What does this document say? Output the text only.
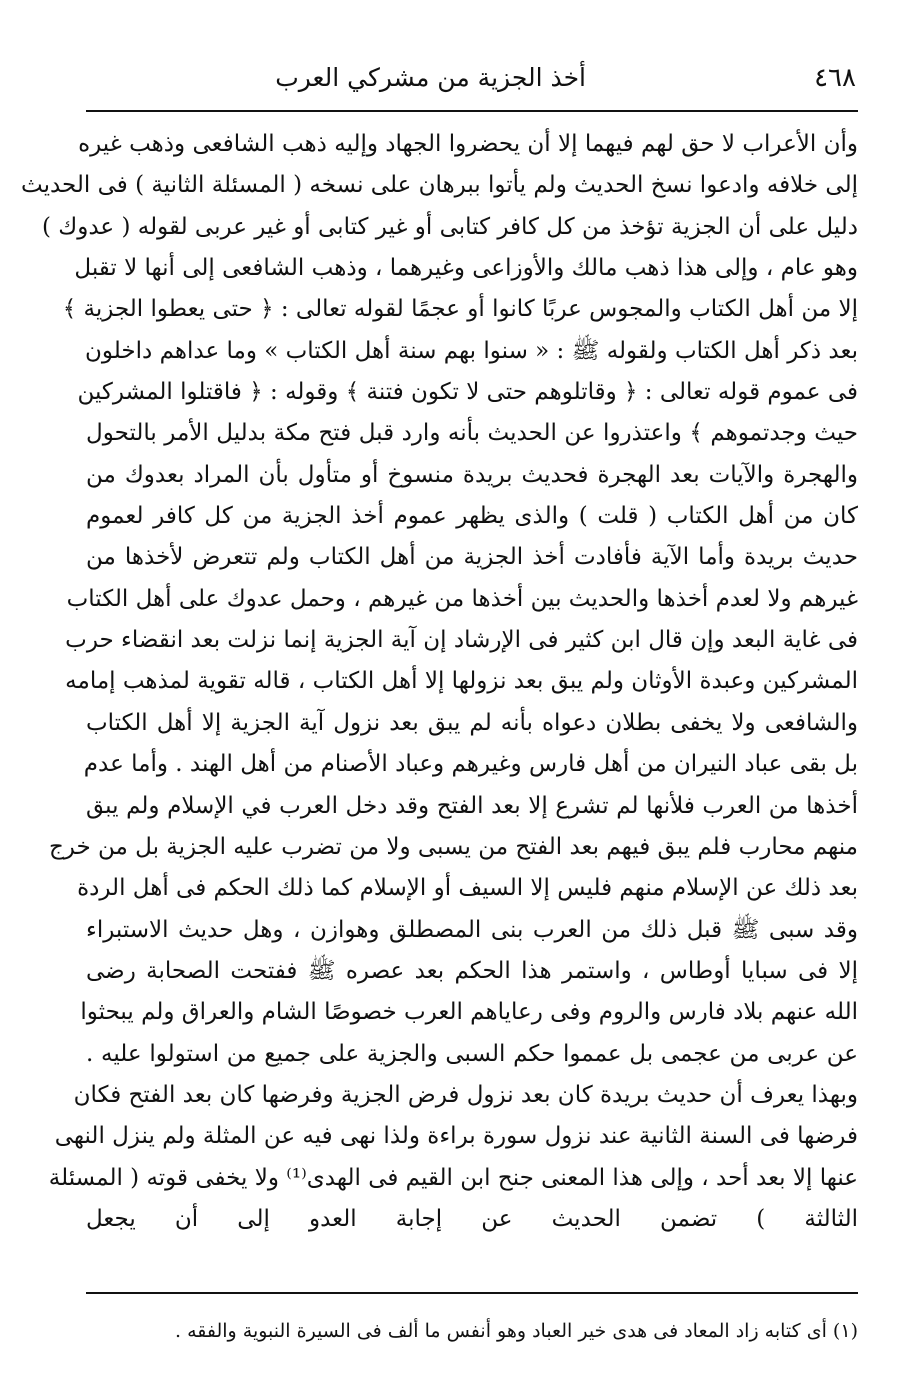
٤٦٨
أخذ الجزية من مشركي العرب
وأن الأعراب لا حق لهم فيهما إلا أن يحضروا الجهاد وإليه ذهب الشافعى وذهب غيره
إلى خلافه وادعوا نسخ الحديث ولم يأتوا ببرهان على نسخه ( المسئلة الثانية ) فى الحديث
دليل على أن الجزية تؤخذ من كل كافر كتابى أو غير كتابى أو غير عربى لقوله ( عدوك )
وهو عام ، وإلى هذا ذهب مالك والأوزاعى وغيرهما ، وذهب الشافعى إلى أنها لا تقبل
إلا من أهل الكتاب والمجوس عربًا كانوا أو عجمًا لقوله تعالى : ﴿ حتى يعطوا الجزية ﴾
بعد ذكر أهل الكتاب ولقوله ﷺ : « سنوا بهم سنة أهل الكتاب » وما عداهم داخلون
فى عموم قوله تعالى : ﴿ وقاتلوهم حتى لا تكون فتنة ﴾ وقوله : ﴿ فاقتلوا المشركين
حيث وجدتموهم ﴾ واعتذروا عن الحديث بأنه وارد قبل فتح مكة بدليل الأمر بالتحول
والهجرة والآيات بعد الهجرة فحديث بريدة منسوخ أو متأول بأن المراد بعدوك من
كان من أهل الكتاب ( قلت ) والذى يظهر عموم أخذ الجزية من كل كافر لعموم
حديث بريدة وأما الآية فأفادت أخذ الجزية من أهل الكتاب ولم تتعرض لأخذها من
غيرهم ولا لعدم أخذها والحديث بين أخذها من غيرهم ، وحمل عدوك على أهل الكتاب
فى غاية البعد وإن قال ابن كثير فى الإرشاد إن آية الجزية إنما نزلت بعد انقضاء حرب
المشركين وعبدة الأوثان ولم يبق بعد نزولها إلا أهل الكتاب ، قاله تقوية لمذهب إمامه
والشافعى ولا يخفى بطلان دعواه بأنه لم يبق بعد نزول آية الجزية إلا أهل الكتاب
بل بقى عباد النيران من أهل فارس وغيرهم وعباد الأصنام من أهل الهند . وأما عدم
أخذها من العرب فلأنها لم تشرع إلا بعد الفتح وقد دخل العرب في الإسلام ولم يبق
منهم محارب فلم يبق فيهم بعد الفتح من يسبى ولا من تضرب عليه الجزية بل من خرج
بعد ذلك عن الإسلام منهم فليس إلا السيف أو الإسلام كما ذلك الحكم فى أهل الردة
وقد سبى ﷺ قبل ذلك من العرب بنى المصطلق وهوازن ، وهل حديث الاستبراء
إلا فى سبايا أوطاس ، واستمر هذا الحكم بعد عصره ﷺ ففتحت الصحابة رضى
الله عنهم بلاد فارس والروم وفى رعاياهم العرب خصوصًا الشام والعراق ولم يبحثوا
عن عربى من عجمى بل عمموا حكم السبى والجزية على جميع من استولوا عليه .
وبهذا يعرف أن حديث بريدة كان بعد نزول فرض الجزية وفرضها كان بعد الفتح فكان
فرضها فى السنة الثانية عند نزول سورة براءة ولذا نهى فيه عن المثلة ولم ينزل النهى
عنها إلا بعد أحد ، وإلى هذا المعنى جنح ابن القيم فى الهدى⁽¹⁾ ولا يخفى قوته ( المسئلة
الثالثة ) تضمن الحديث عن إجابة العدو إلى أن يجعل
(١) أى كتابه زاد المعاد فى هدى خير العباد وهو أنفس ما ألف فى السيرة النبوية والفقه .
